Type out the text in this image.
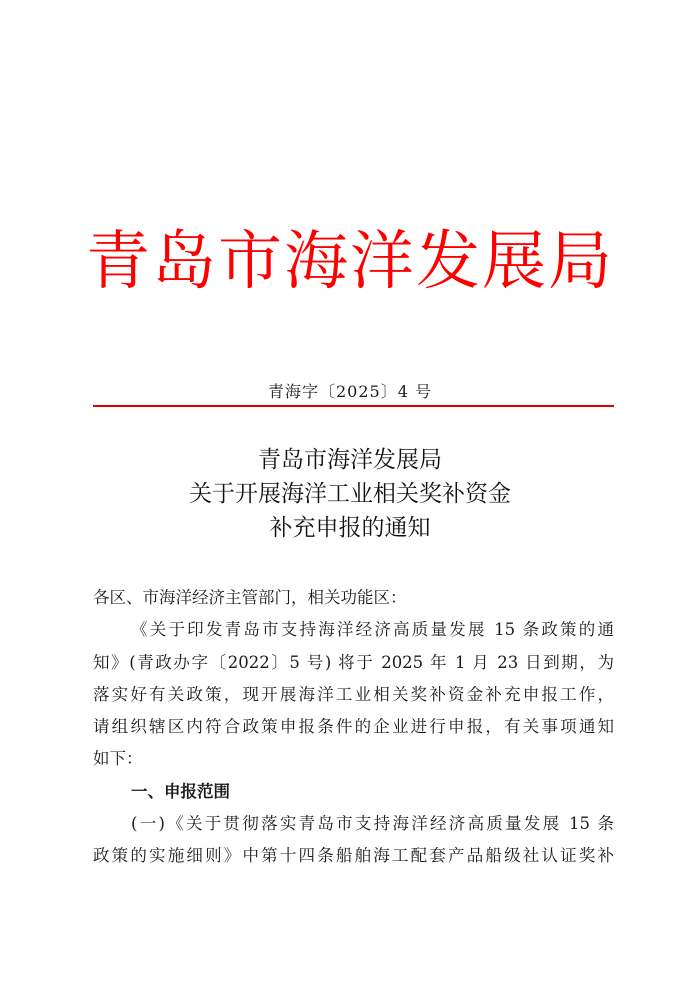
青岛市海洋发展局
青海字〔2025〕4 号
青岛市海洋发展局
关于开展海洋工业相关奖补资金
补充申报的通知
各区、市海洋经济主管部门，相关功能区：
《关于印发青岛市支持海洋经济高质量发展 15 条政策的通
知》(青政办字〔2022〕5 号) 将于 2025 年 1 月 23 日到期，为
落实好有关政策，现开展海洋工业相关奖补资金补充申报工作，
请组织辖区内符合政策申报条件的企业进行申报，有关事项通知
如下：
一、申报范围
(一)《关于贯彻落实青岛市支持海洋经济高质量发展 15 条
政策的实施细则》中第十四条船舶海工配套产品船级社认证奖补
